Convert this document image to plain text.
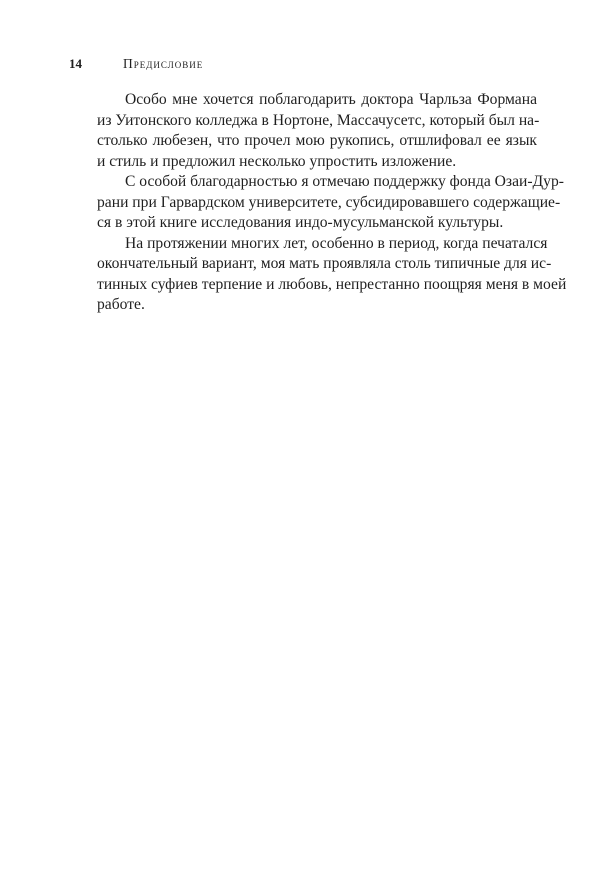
14	Предисловие
Особо мне хочется поблагодарить доктора Чарльза Формана
из Уитонского колледжа в Нортоне, Массачусетс, который был на-
столько любезен, что прочел мою рукопись, отшлифовал ее язык
и стиль и предложил несколько упростить изложение.
С особой благодарностью я отмечаю поддержку фонда Озаи-Дур-
рани при Гарвардском университете, субсидировавшего содержащие-
ся в этой книге исследования индо-мусульманской культуры.
На протяжении многих лет, особенно в период, когда печатался
окончательный вариант, моя мать проявляла столь типичные для ис-
тинных суфиев терпение и любовь, непрестанно поощряя меня в моей
работе.
